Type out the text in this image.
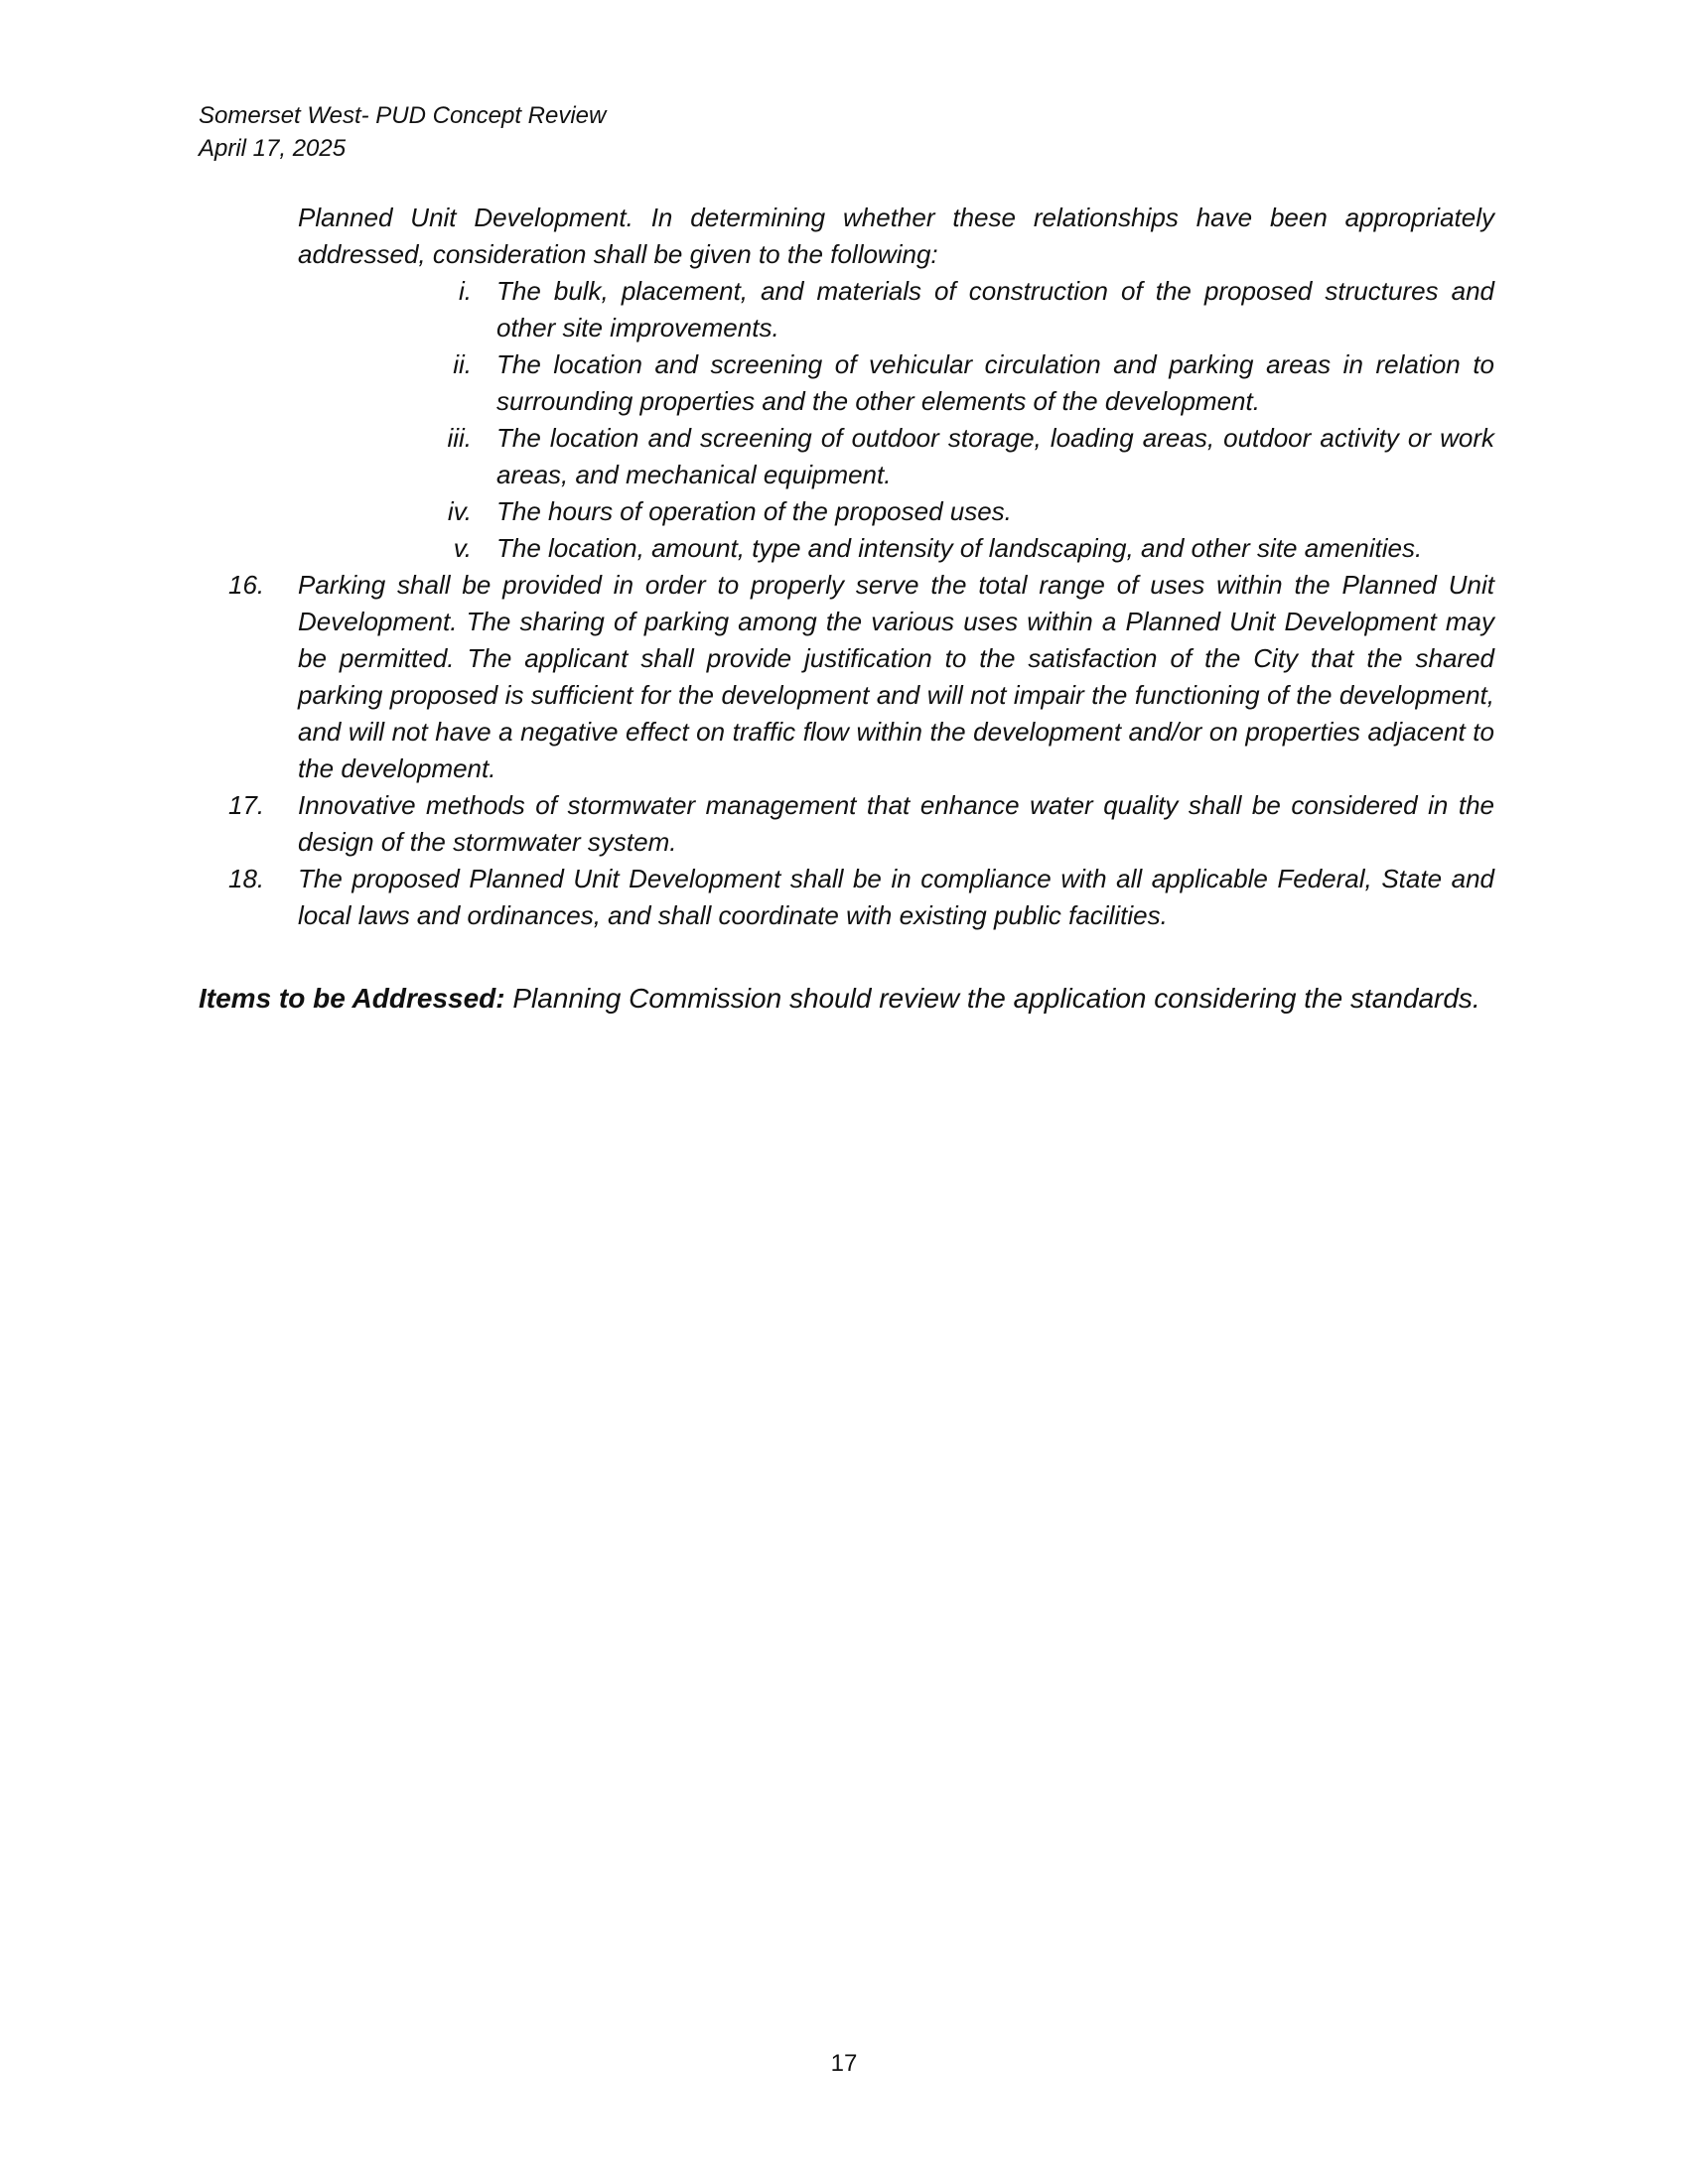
Somerset West- PUD Concept Review
April 17, 2025
Planned Unit Development. In determining whether these relationships have been appropriately addressed, consideration shall be given to the following:
i. The bulk, placement, and materials of construction of the proposed structures and other site improvements.
ii. The location and screening of vehicular circulation and parking areas in relation to surrounding properties and the other elements of the development.
iii. The location and screening of outdoor storage, loading areas, outdoor activity or work areas, and mechanical equipment.
iv. The hours of operation of the proposed uses.
v. The location, amount, type and intensity of landscaping, and other site amenities.
16.	Parking shall be provided in order to properly serve the total range of uses within the Planned Unit Development. The sharing of parking among the various uses within a Planned Unit Development may be permitted. The applicant shall provide justification to the satisfaction of the City that the shared parking proposed is sufficient for the development and will not impair the functioning of the development, and will not have a negative effect on traffic flow within the development and/or on properties adjacent to the development.
17.	Innovative methods of stormwater management that enhance water quality shall be considered in the design of the stormwater system.
18.	The proposed Planned Unit Development shall be in compliance with all applicable Federal, State and local laws and ordinances, and shall coordinate with existing public facilities.
Items to be Addressed: Planning Commission should review the application considering the standards.
17
